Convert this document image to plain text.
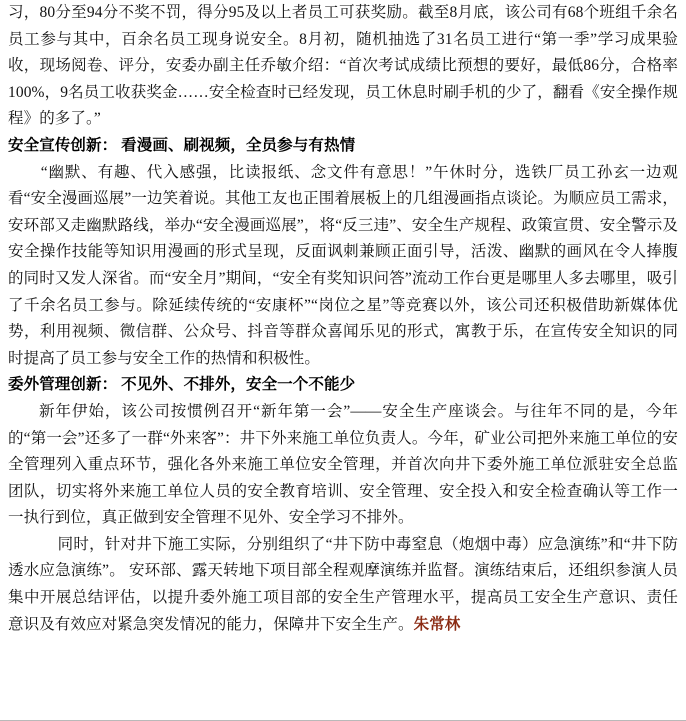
习，80分至94分不奖不罚，得分95及以上者员工可获奖励。截至8月底，该公司有68个班组千余名员工参与其中，百余名员工现身说安全。8月初，随机抽选了31名员工进行“第一季”学习成果验收，现场阅卷、评分，安委办副主任乔敏介绍：“首次考试成绩比预想的要好，最低86分，合格率100%，9名员工收获奖金……安全检查时已经发现，员工休息时刷手机的少了，翻看《安全操作规程》的多了。”

安全宣传创新： 看漫画、刷视频，全员参与有热情

　　“幽默、有趣、代入感强，比读报纸、念文件有意思！”午休时分，选铁厂员工孙玄一边观看“安全漫画巡展”一边笑着说。其他工友也正围着展板上的几组漫画指点谈论。为顺应员工需求，安环部又走幽默路线，举办“安全漫画巡展”，将“反三违”、安全生产规程、政策宣贯、安全警示及安全操作技能等知识用漫画的形式呈现，反面讽刺兼顾正面引导，活泼、幽默的画风在令人捧腹的同时又发人深省。而“安全月”期间，“安全有奖知识问答”流动工作台更是哪里人多去哪里，吸引了千余名员工参与。除延续传统的“安康杯”“岗位之星”等竞赛以外，该公司还积极借助新媒体优势，利用视频、微信群、公众号、抖音等群众喜闻乐见的形式，寓教于乐，在宣传安全知识的同时提高了员工参与安全工作的热情和积极性。

委外管理创新： 不见外、不排外，安全一个不能少

新年伊始，该公司按惯例召开“新年第一会”——安全生产座谈会。与往年不同的是，今年的“第一会”还多了一群“外来客”：井下外来施工单位负责人。今年，矿业公司把外来施工单位的安全管理列入重点环节，强化各外来施工单位安全管理，并首次向井下委外施工单位派驻安全总监团队，切实将外来施工单位人员的安全教育培训、安全管理、安全投入和安全检查确认等工作一一执行到位，真正做到安全管理不见外、安全学习不排外。

同时，针对井下施工实际，分别组织了“井下防中毒窒息（炮烟中毒）应急演练”和“井下防透水应急演练”。 安环部、露天转地下项目部全程观摩演练并监督。演练结束后，还组织参演人员集中开展总结评估，以提升委外施工项目部的安全生产管理水平，提高员工安全生产意识、责任意识及有效应对紧急突发情况的能力，保障井下安全生产。朱常林
